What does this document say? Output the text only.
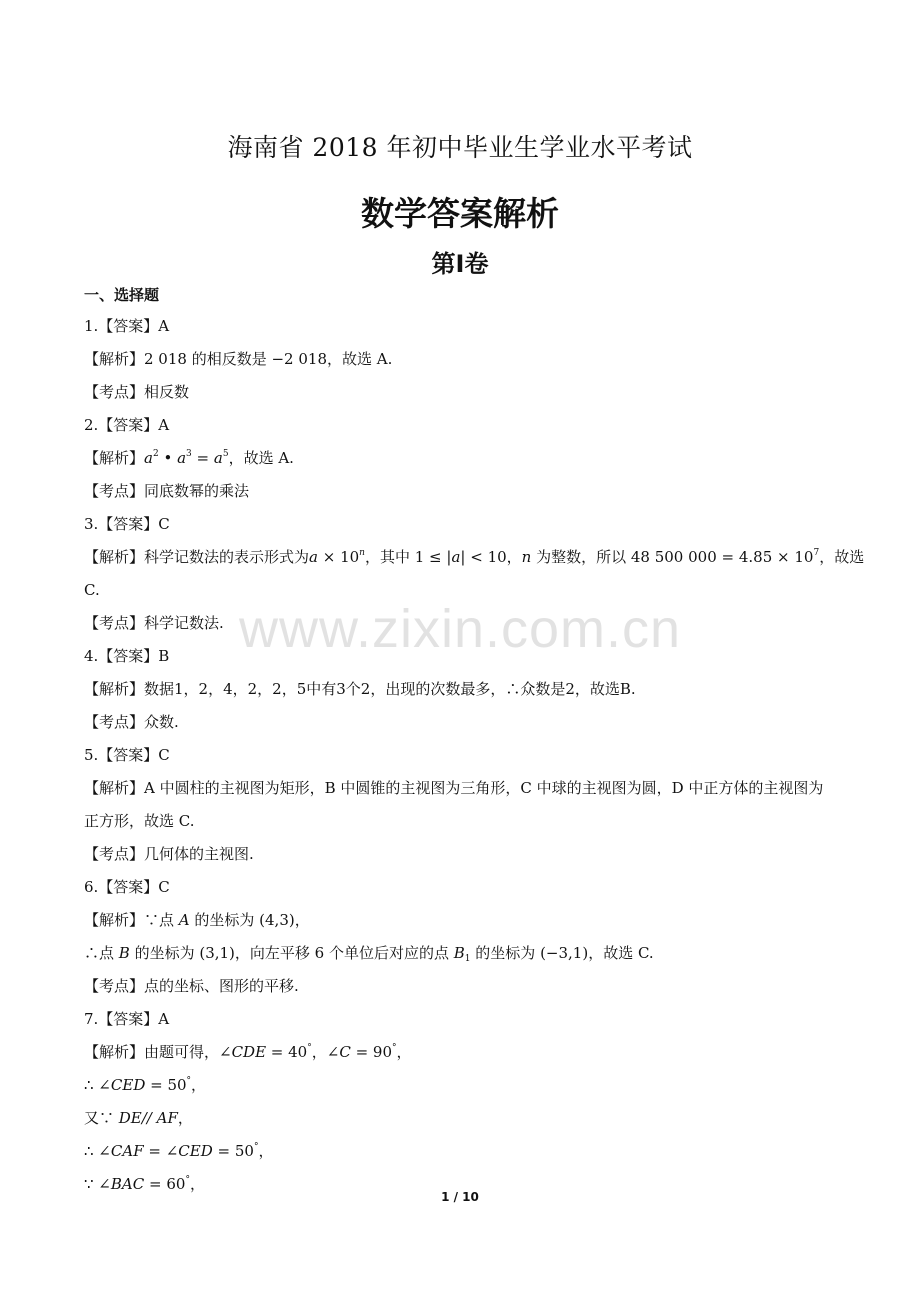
海南省 2018 年初中毕业生学业水平考试
数学答案解析
第Ⅰ卷
一、选择题
1.【答案】A
【解析】2 018 的相反数是 −2 018，故选 A.
【考点】相反数
2.【答案】A
【解析】$a^2$ • $a^3 = a^5$，故选 A.
【考点】同底数幂的乘法
3.【答案】C
【解析】科学记数法的表示形式为$a \times 10^n$，其中 1 ≤ |a| < 10，n 为整数，所以 48 500 $000 = 4.85 \times 10^7$，故选
C.
【考点】科学记数法.
4.【答案】B
【解析】数据1，2，4，2，2，5中有3个2，出现的次数最多，∴众数是2，故选B.
【考点】众数.
5.【答案】C
【解析】A 中圆柱的主视图为矩形，B 中圆锥的主视图为三角形，C 中球的主视图为圆，D 中正方体的主视图为正方形，故选 C.
【考点】几何体的主视图.
6.【答案】C
【解析】∵点 A 的坐标为 (4,3)，
∴点 B 的坐标为 (3,1)，向左平移 6 个单位后对应的点 $B_1$ 的坐标为 (−3,1)，故选 C.
【考点】点的坐标、图形的平移.
7.【答案】A
【解析】由题可得，∠CDE = 40°，∠C = 90°，
∴ ∠CED = 50°，
又∵ DE// AF，
∴ ∠CAF = ∠CED = 50°，
∵ ∠BAC = 60°，
www.zixin.com.cn
1 / 10
